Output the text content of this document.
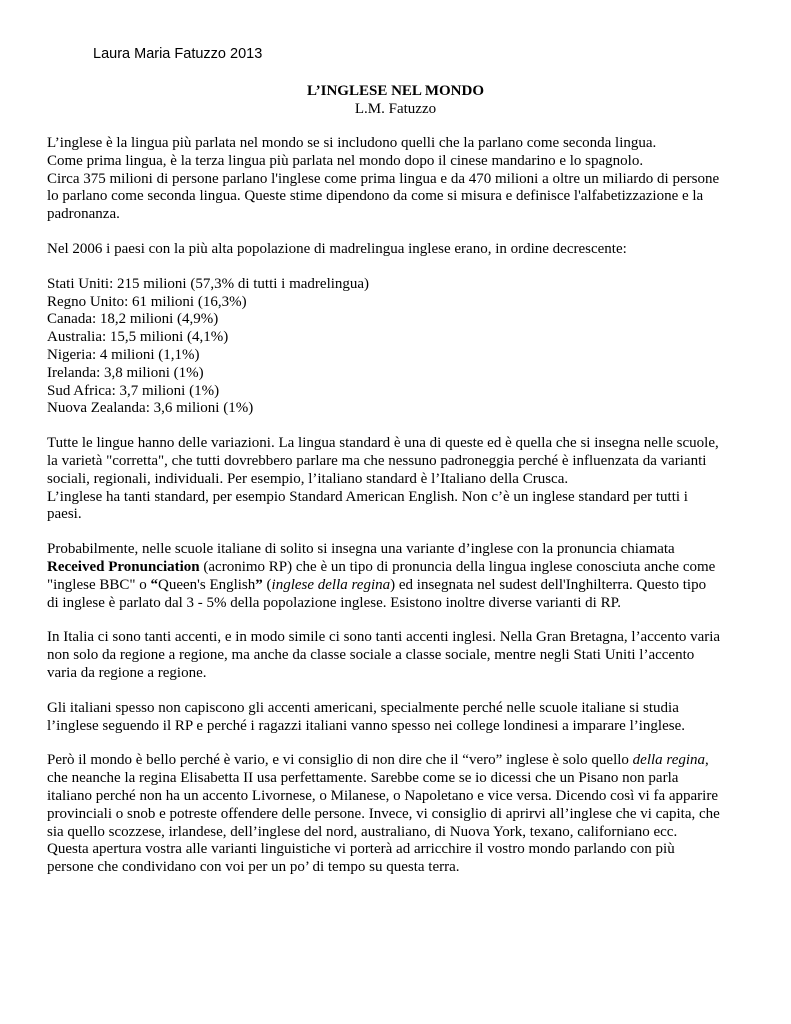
Laura Maria Fatuzzo 2013
L’INGLESE NEL MONDO
L.M. Fatuzzo
L’inglese è la lingua più parlata nel mondo se si includono quelli che la parlano come seconda lingua.
Come prima lingua, è la terza lingua più parlata nel mondo dopo il cinese mandarino e lo spagnolo.
Circa 375 milioni di persone parlano l'inglese come prima lingua e da 470 milioni a oltre un miliardo di persone
lo parlano come seconda lingua. Queste stime dipendono da come si misura e definisce l'alfabetizzazione e la
padronanza.
Nel 2006 i paesi con la più alta popolazione di madrelingua inglese erano, in ordine decrescente:
Stati Uniti: 215 milioni (57,3% di tutti i madrelingua)
Regno Unito: 61 milioni (16,3%)
Canada: 18,2 milioni (4,9%)
Australia: 15,5 milioni (4,1%)
Nigeria: 4 milioni (1,1%)
Irelanda: 3,8 milioni (1%)
Sud Africa: 3,7 milioni (1%)
Nuova Zealanda: 3,6 milioni (1%)
Tutte le lingue hanno delle variazioni. La lingua standard è una di queste ed è quella che si insegna nelle scuole,
la varietà "corretta", che tutti dovrebbero parlare ma che nessuno padroneggia perché è influenzata da varianti
sociali, regionali, individuali. Per esempio, l’italiano standard è l’Italiano della Crusca.
L’inglese ha tanti standard, per esempio Standard American English. Non c’è un inglese standard per tutti i
paesi.
Probabilmente, nelle scuole italiane di solito si insegna una variante d’inglese con la pronuncia chiamata
Received Pronunciation (acronimo RP) che è un tipo di pronuncia della lingua inglese conosciuta anche come
"inglese BBC" o “Queen's English” (inglese della regina) ed insegnata nel sudest dell'Inghilterra. Questo tipo
di inglese è parlato dal 3 - 5% della popolazione inglese. Esistono inoltre diverse varianti di RP.
In Italia ci sono tanti accenti, e in modo simile ci sono tanti accenti inglesi. Nella Gran Bretagna, l’accento varia
non solo da regione a regione, ma anche da classe sociale a classe sociale, mentre negli Stati Uniti l’accento
varia da regione a regione.
Gli italiani spesso non capiscono gli accenti americani, specialmente perché nelle scuole italiane si studia
l’inglese seguendo il RP e perché i ragazzi italiani vanno spesso nei college londinesi a imparare l’inglese.
Però il mondo è bello perché è vario, e vi consiglio di non dire che il “vero” inglese è solo quello della regina,
che neanche la regina Elisabetta II usa perfettamente. Sarebbe come se io dicessi che un Pisano non parla
italiano perché non ha un accento Livornese, o Milanese, o Napoletano e vice versa. Dicendo così vi fa apparire
provinciali o snob e potreste offendere delle persone. Invece, vi consiglio di aprirvi all’inglese che vi capita, che
sia quello scozzese, irlandese, dell’inglese del nord, australiano, di Nuova York, texano, californiano ecc.
Questa apertura vostra alle varianti linguistiche vi porterà ad arricchire il vostro mondo parlando con più
persone che condividano con voi per un po’ di tempo su questa terra.
